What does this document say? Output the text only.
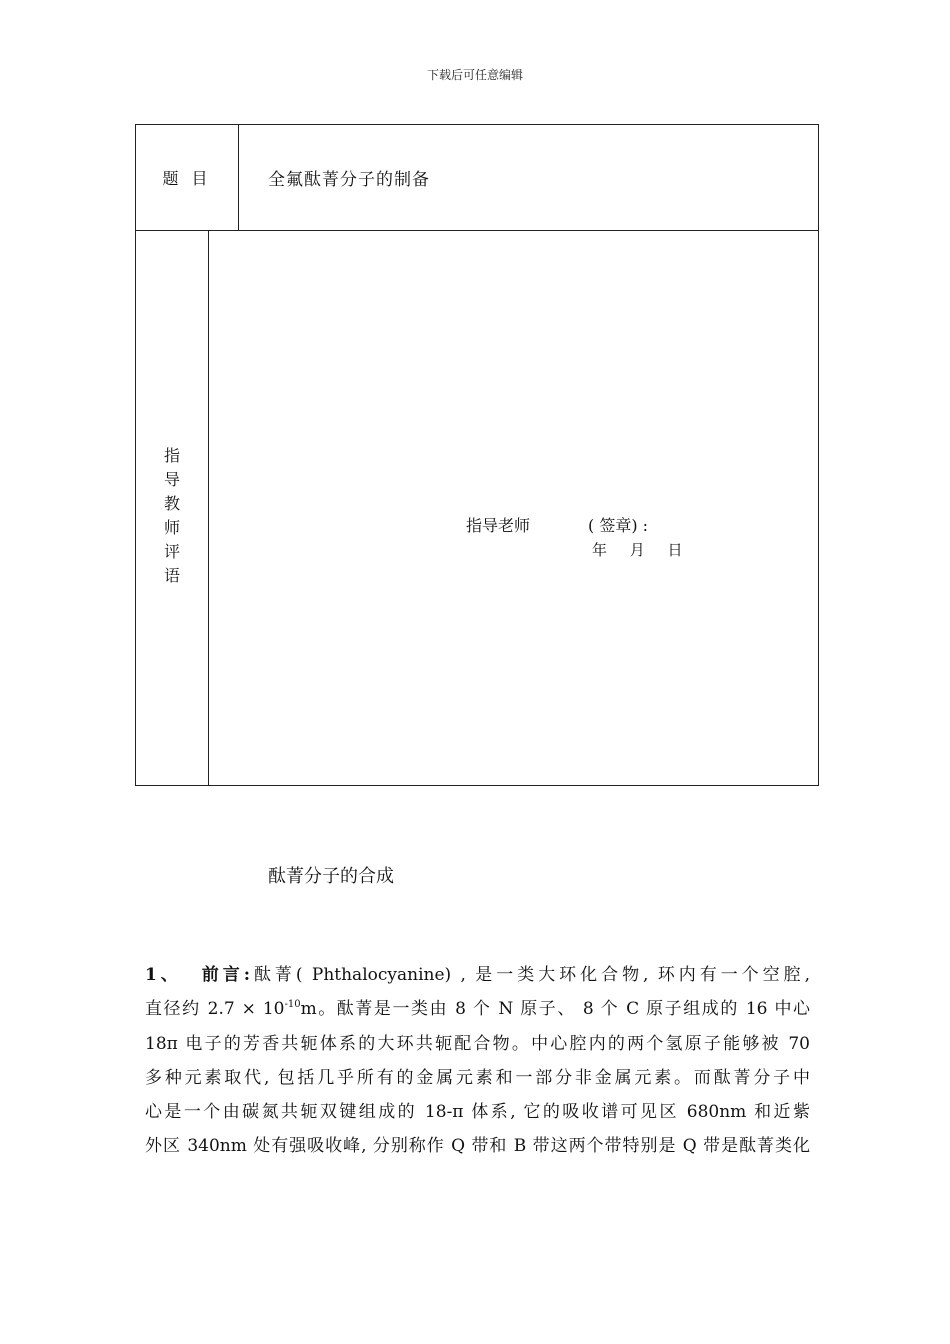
下载后可任意编辑
题 目	全氟酞菁分子的制备
指
导
教
师
评
语
指导老师	( 签章) :
年 月 日
酞菁分子的合成
1、 前言:酞菁( Phthalocyanine) , 是一类大环化合物, 环内有一个空腔,
直径约 $2.7 \times 10^{-10}m$。酞菁是一类由 8 个 N 原子、 8 个 C 原子组成的 16 中心
18π 电子的芳香共轭体系的大环共轭配合物。中心腔内的两个氢原子能够被 70
多种元素取代, 包括几乎所有的金属元素和一部分非金属元素。而酞菁分子中
心是一个由碳氮共轭双键组成的 18-π 体系, 它的吸收谱可见区 680nm 和近紫
外区 340nm 处有强吸收峰, 分别称作 Q 带和 B 带这两个带特别是 Q 带是酞菁类化
